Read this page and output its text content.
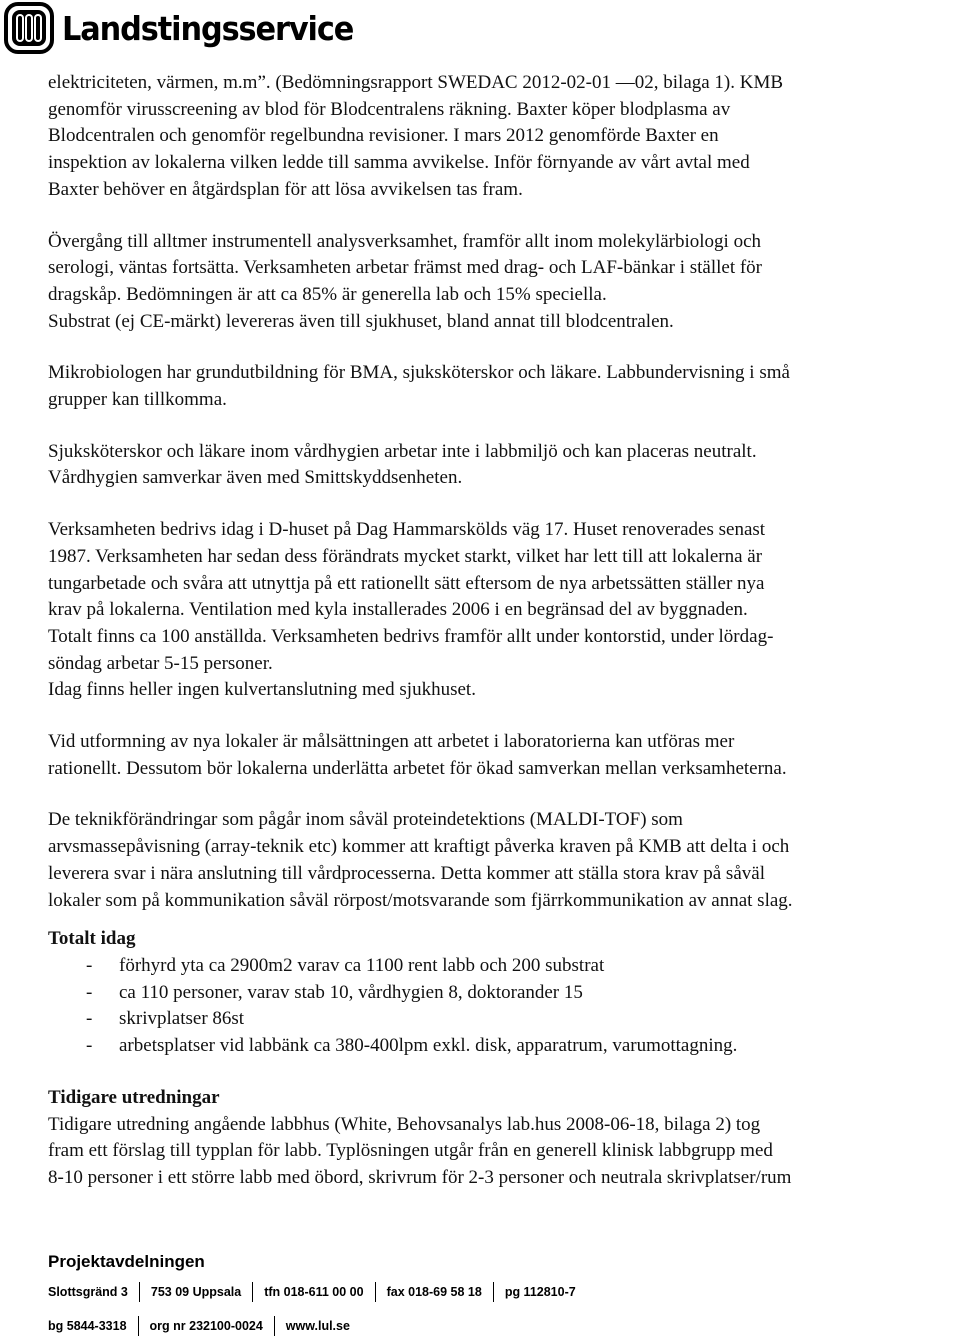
Landstingsservice

elektriciteten, värmen, m.m”. (Bedömningsrapport SWEDAC 2012-02-01 —02, bilaga 1). KMB
genomför virusscreening av blod för Blodcentralens räkning. Baxter köper blodplasma av
Blodcentralen och genomför regelbundna revisioner. I mars 2012 genomförde Baxter en
inspektion av lokalerna vilken ledde till samma avvikelse. Inför förnyande av vårt avtal med
Baxter behöver en åtgärdsplan för att lösa avvikelsen tas fram.

Övergång till alltmer instrumentell analysverksamhet, framför allt inom molekylärbiologi och
serologi, väntas fortsätta. Verksamheten arbetar främst med drag- och LAF-bänkar i stället för
dragskåp. Bedömningen är att ca 85% är generella lab och 15% speciella.
Substrat (ej CE-märkt) levereras även till sjukhuset, bland annat till blodcentralen.

Mikrobiologen har grundutbildning för BMA, sjuksköterskor och läkare. Labbundervisning i små
grupper kan tillkomma.

Sjuksköterskor och läkare inom vårdhygien arbetar inte i labbmiljö och kan placeras neutralt.
Vårdhygien samverkar även med Smittskyddsenheten.

Verksamheten bedrivs idag i D-huset på Dag Hammarskölds väg 17. Huset renoverades senast
1987. Verksamheten har sedan dess förändrats mycket starkt, vilket har lett till att lokalerna är
tungarbetade och svåra att utnyttja på ett rationellt sätt eftersom de nya arbetssätten ställer nya
krav på lokalerna. Ventilation med kyla installerades 2006 i en begränsad del av byggnaden.
Totalt finns ca 100 anställda. Verksamheten bedrivs framför allt under kontorstid, under lördag-
söndag arbetar 5-15 personer.
Idag finns heller ingen kulvertanslutning med sjukhuset.

Vid utformning av nya lokaler är målsättningen att arbetet i laboratorierna kan utföras mer
rationellt. Dessutom bör lokalerna underlätta arbetet för ökad samverkan mellan verksamheterna.

De teknikförändringar som pågår inom såväl proteindetektions (MALDI-TOF) som
arvsmassepåvisning (array-teknik etc) kommer att kraftigt påverka kraven på KMB att delta i och
leverera svar i nära anslutning till vårdprocesserna. Detta kommer att ställa stora krav på såväl
lokaler som på kommunikation såväl rörpost/motsvarande som fjärrkommunikation av annat slag.

Totalt idag

- förhyrd yta ca 2900m2 varav ca 1100 rent labb och 200 substrat
- ca 110 personer, varav stab 10, vårdhygien 8, doktorander 15
- skrivplatser 86st
- arbetsplatser vid labbänk ca 380-400lpm exkl. disk, apparatrum, varumottagning.

Tidigare utredningar

Tidigare utredning angående labbhus (White, Behovsanalys lab.hus 2008-06-18, bilaga 2) tog
fram ett förslag till typplan för labb. Typlösningen utgår från en generell klinisk labbgrupp med
8-10 personer i ett större labb med öbord, skrivrum för 2-3 personer och neutrala skrivplatser/rum

Projektavdelningen
Slottsgränd 3 753 09 Uppsala tfn 018-611 00 00 fax 018-69 58 18 pg 112810-7
bg 5844-3318 org nr 232100-0024 www.lul.se
